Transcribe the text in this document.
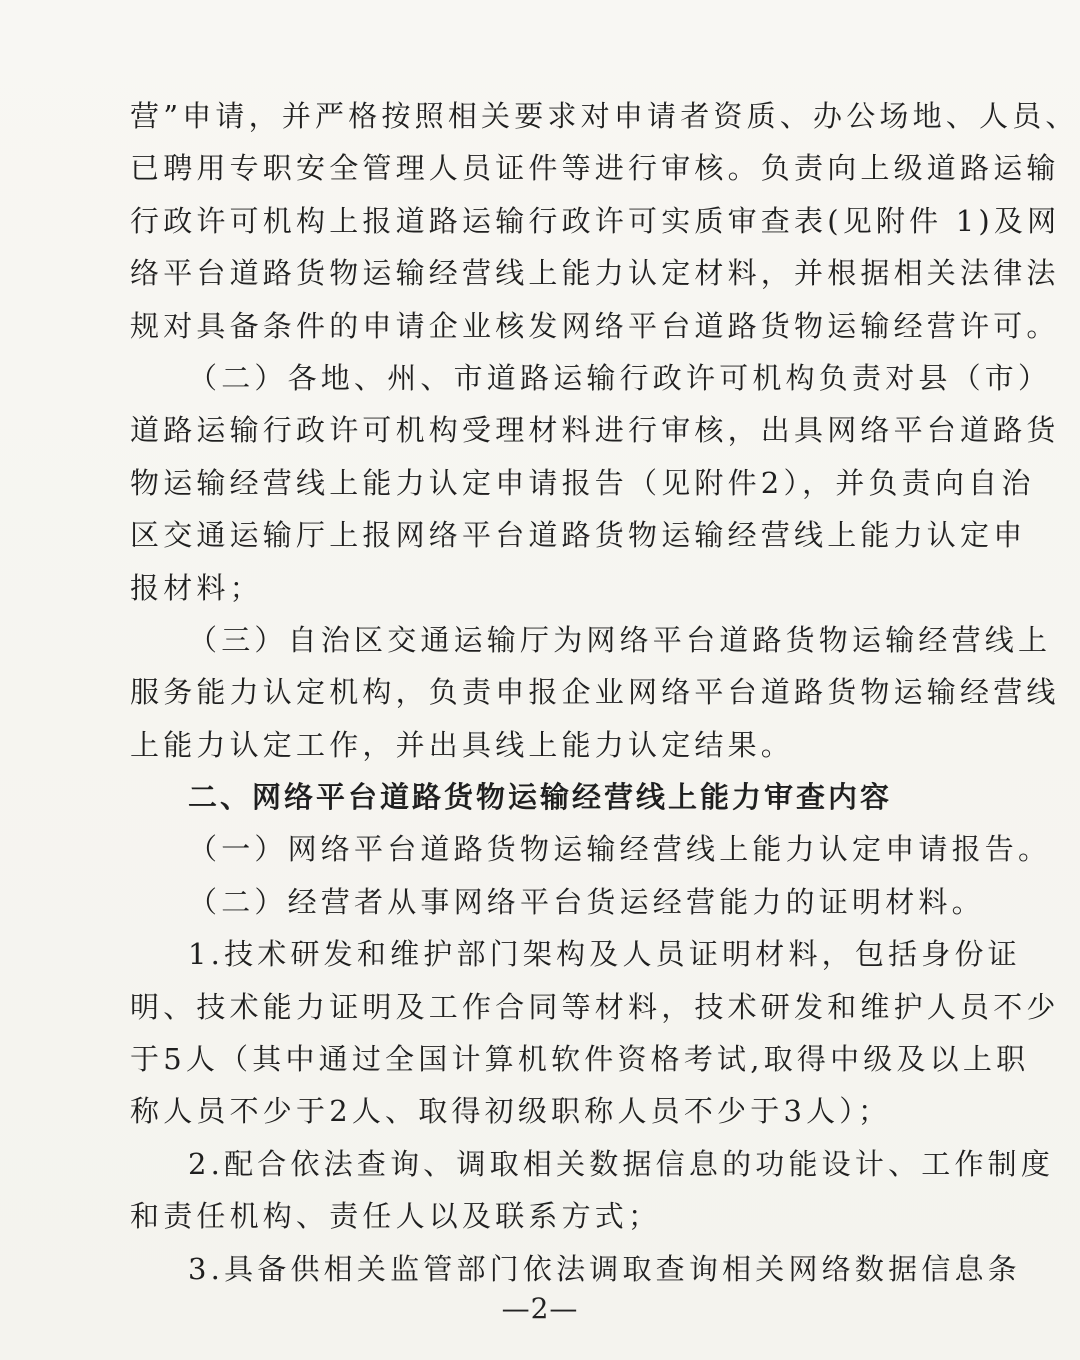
营”申请，并严格按照相关要求对申请者资质、办公场地、人员、
已聘用专职安全管理人员证件等进行审核。负责向上级道路运输
行政许可机构上报道路运输行政许可实质审查表(见附件 1)及网
络平台道路货物运输经营线上能力认定材料，并根据相关法律法
规对具备条件的申请企业核发网络平台道路货物运输经营许可。
（二）各地、州、市道路运输行政许可机构负责对县（市）
道路运输行政许可机构受理材料进行审核，出具网络平台道路货
物运输经营线上能力认定申请报告（见附件2），并负责向自治
区交通运输厅上报网络平台道路货物运输经营线上能力认定申
报材料；
（三）自治区交通运输厅为网络平台道路货物运输经营线上
服务能力认定机构，负责申报企业网络平台道路货物运输经营线
上能力认定工作，并出具线上能力认定结果。
二、网络平台道路货物运输经营线上能力审查内容
（一）网络平台道路货物运输经营线上能力认定申请报告。
（二）经营者从事网络平台货运经营能力的证明材料。
1.技术研发和维护部门架构及人员证明材料，包括身份证
明、技术能力证明及工作合同等材料，技术研发和维护人员不少
于5人（其中通过全国计算机软件资格考试,取得中级及以上职
称人员不少于2人、取得初级职称人员不少于3人）；
2.配合依法查询、调取相关数据信息的功能设计、工作制度
和责任机构、责任人以及联系方式；
3.具备供相关监管部门依法调取查询相关网络数据信息条
—2—
